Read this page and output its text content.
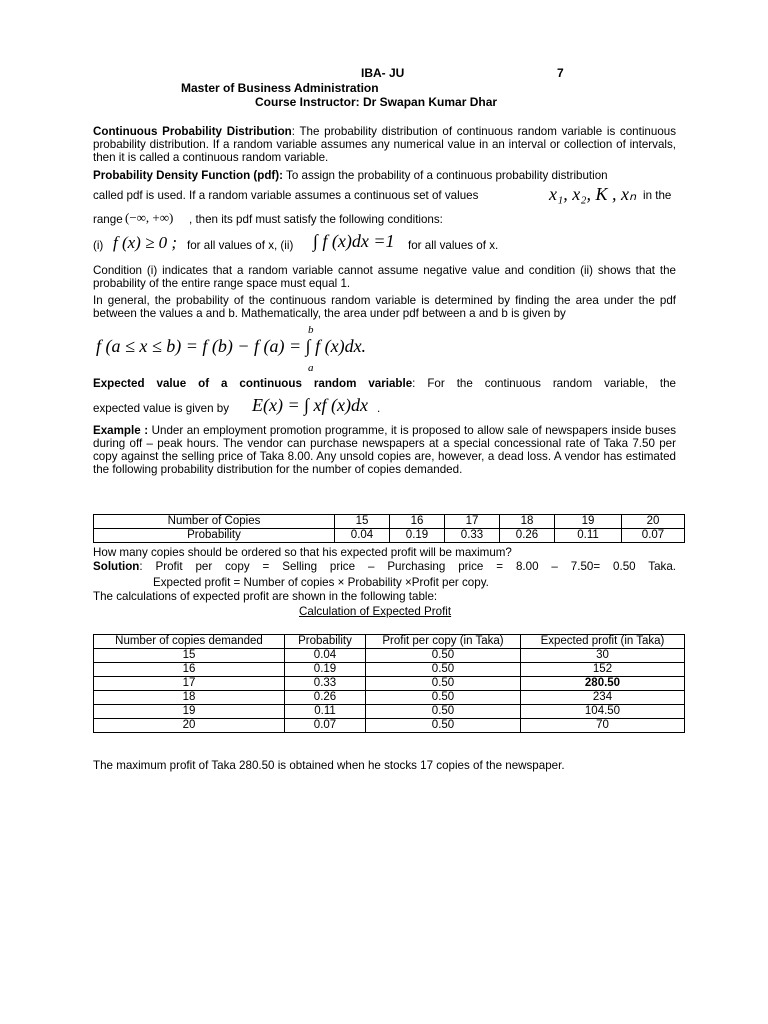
IBA- JU	7
Master of Business Administration
Course Instructor: Dr Swapan Kumar Dhar

Continuous Probability Distribution: The probability distribution of continuous random variable is continuous probability distribution. If a random variable assumes any numerical value in an interval or collection of intervals, then it is called a continuous random variable.

Probability Density Function (pdf): To assign the probability of a continuous probability distribution

called pdf is used. If a random variable assumes a continuous set of values	x₁, x₂, K , xₙ in the
range (−∞, +∞) , then its pdf must satisfy the following conditions:
(i) f (x) ≥ 0 ; for all values of x, (ii) ∫ f (x)dx =1 for all values of x.

Condition (i) indicates that a random variable cannot assume negative value and condition (ii) shows that the probability of the entire range space must equal 1.

In general, the probability of the continuous random variable is determined by finding the area under the pdf between the values a and b. Mathematically, the area under pdf between a and b is given by

b
f (a ≤ x ≤ b) = f (b) − f (a) = ∫ f (x)dx.
a
Expected value of a continuous random variable: For the continuous random variable, the
expected value is given by E(x) = ∫ xf (x)dx .

Example : Under an employment promotion programme, it is proposed to allow sale of newspapers inside buses during off – peak hours. The vendor can purchase newspapers at a special concessional rate of Taka 7.50 per copy against the selling price of Taka 8.00. Any unsold copies are, however, a dead loss. A vendor has estimated the following probability distribution for the number of copies demanded.

Number of Copies	15	16	17	18	19	20
Probability	0.04	0.19	0.33	0.26	0.11	0.07
How many copies should be ordered so that his expected profit will be maximum?
Solution: Profit per copy = Selling price – Purchasing price = 8.00 – 7.50= 0.50 Taka.
Expected profit = Number of copies × Probability ×Profit per copy.
The calculations of expected profit are shown in the following table:
Calculation of Expected Profit
Number of copies demanded	Probability	Profit per copy (in Taka)	Expected profit (in Taka)
15	0.04	0.50	30
16	0.19	0.50	152
17	0.33	0.50	280.50
18	0.26	0.50	234
19	0.11	0.50	104.50
20	0.07	0.50	70
The maximum profit of Taka 280.50 is obtained when he stocks 17 copies of the newspaper.
